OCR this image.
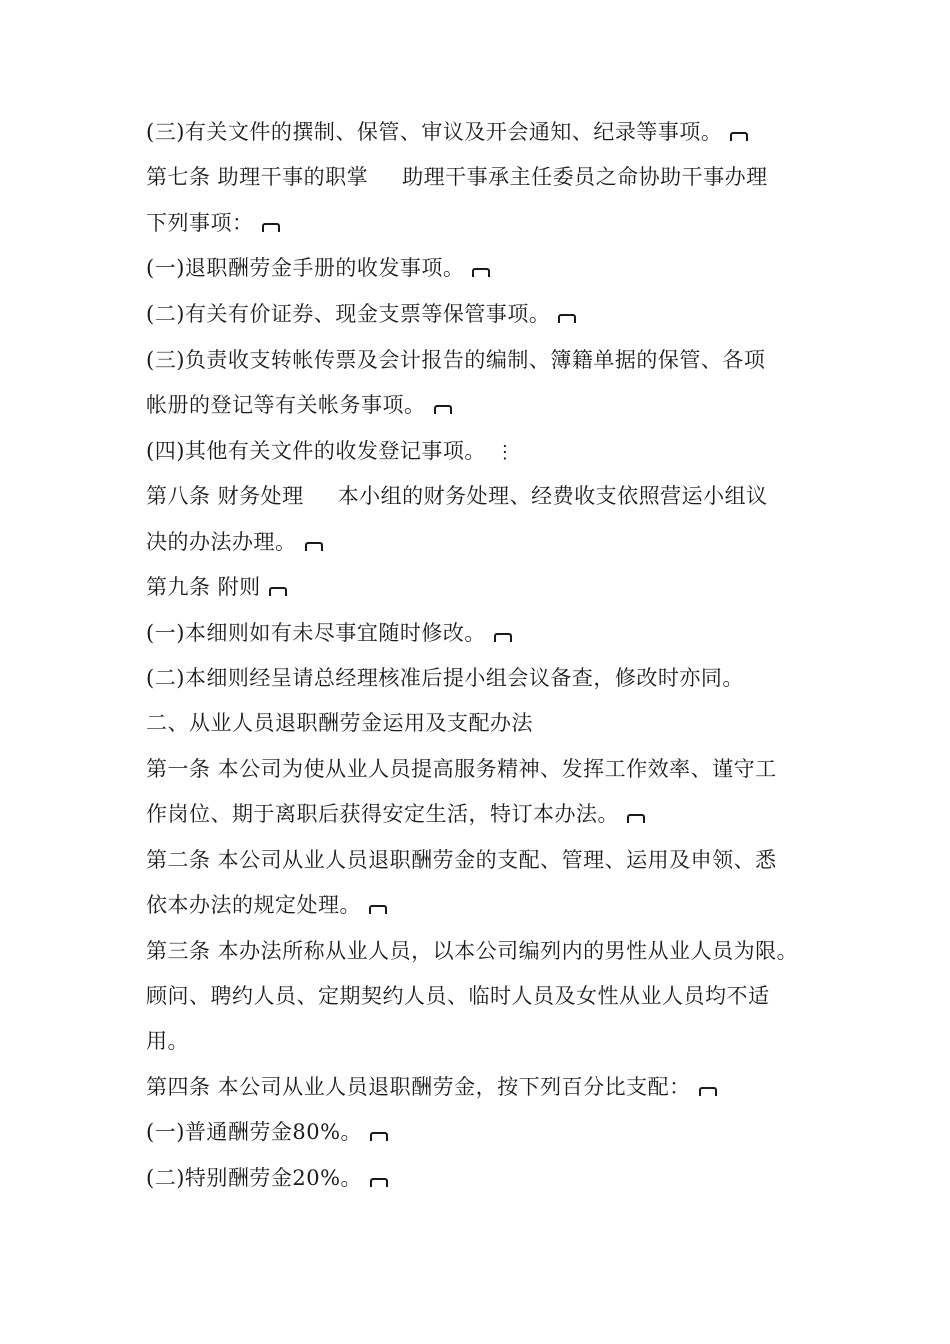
(三)有关文件的撰制、保管、审议及开会通知、纪录等事项。
第七条 助理干事的职掌 助理干事承主任委员之命协助干事办理
下列事项：
(一)退职酬劳金手册的收发事项。
(二)有关有价证券、现金支票等保管事项。
(三)负责收支转帐传票及会计报告的编制、簿籍单据的保管、各项
帐册的登记等有关帐务事项。
(四)其他有关文件的收发登记事项。 ⋮
第八条 财务处理 本小组的财务处理、经费收支依照营运小组议
决的办法办理。
第九条 附则
(一)本细则如有未尽事宜随时修改。
(二)本细则经呈请总经理核准后提小组会议备查，修改时亦同。
二、从业人员退职酬劳金运用及支配办法
第一条 本公司为使从业人员提高服务精神、发挥工作效率、谨守工
作岗位、期于离职后获得安定生活，特订本办法。
第二条 本公司从业人员退职酬劳金的支配、管理、运用及申领、悉
依本办法的规定处理。
第三条 本办法所称从业人员，以本公司编列内的男性从业人员为限。
顾问、聘约人员、定期契约人员、临时人员及女性从业人员均不适
用。
第四条 本公司从业人员退职酬劳金，按下列百分比支配：
(一)普通酬劳金80%。
(二)特别酬劳金20%。
